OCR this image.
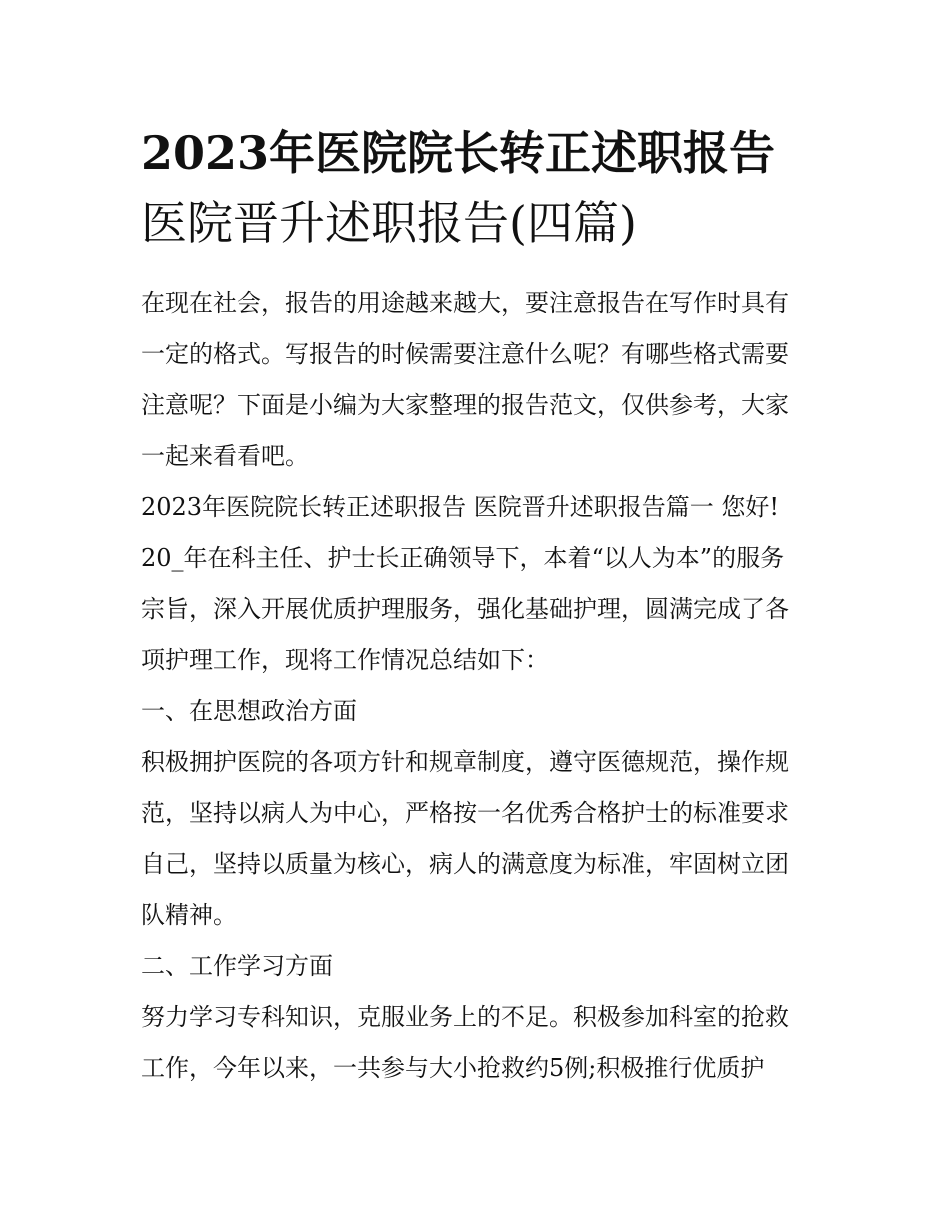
2023年医院院长转正述职报告
医院晋升述职报告(四篇)
在现在社会，报告的用途越来越大，要注意报告在写作时具有
一定的格式。写报告的时候需要注意什么呢？有哪些格式需要
注意呢？下面是小编为大家整理的报告范文，仅供参考，大家
一起来看看吧。
2023年医院院长转正述职报告 医院晋升述职报告篇一 您好!
20_年在科主任、护士长正确领导下，本着“以人为本”的服务
宗旨，深入开展优质护理服务，强化基础护理，圆满完成了各
项护理工作，现将工作情况总结如下：
一、在思想政治方面
积极拥护医院的各项方针和规章制度，遵守医德规范，操作规
范，坚持以病人为中心，严格按一名优秀合格护士的标准要求
自己，坚持以质量为核心，病人的满意度为标准，牢固树立团
队精神。
二、工作学习方面
努力学习专科知识，克服业务上的不足。积极参加科室的抢救
工作，今年以来，一共参与大小抢救约5例;积极推行优质护
